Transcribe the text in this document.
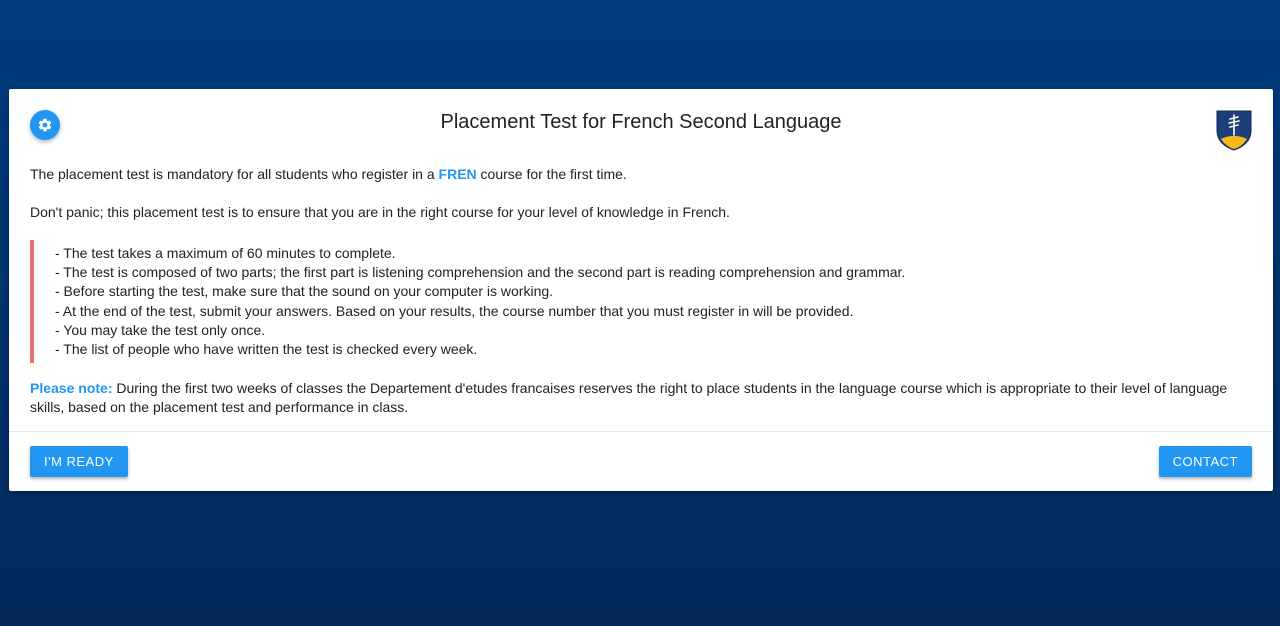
Placement Test for French Second Language

The placement test is mandatory for all students who register in a FREN course for the first time.

Don't panic; this placement test is to ensure that you are in the right course for your level of knowledge in French.

- The test takes a maximum of 60 minutes to complete.
- The test is composed of two parts; the first part is listening comprehension and the second part is reading comprehension and grammar.
- Before starting the test, make sure that the sound on your computer is working.
- At the end of the test, submit your answers. Based on your results, the course number that you must register in will be provided.
- You may take the test only once.
- The list of people who have written the test is checked every week.

Please note: During the first two weeks of classes the Departement d'etudes francaises reserves the right to place students in the language course which is appropriate to their level of language skills, based on the placement test and performance in class.

I'M READY	CONTACT
